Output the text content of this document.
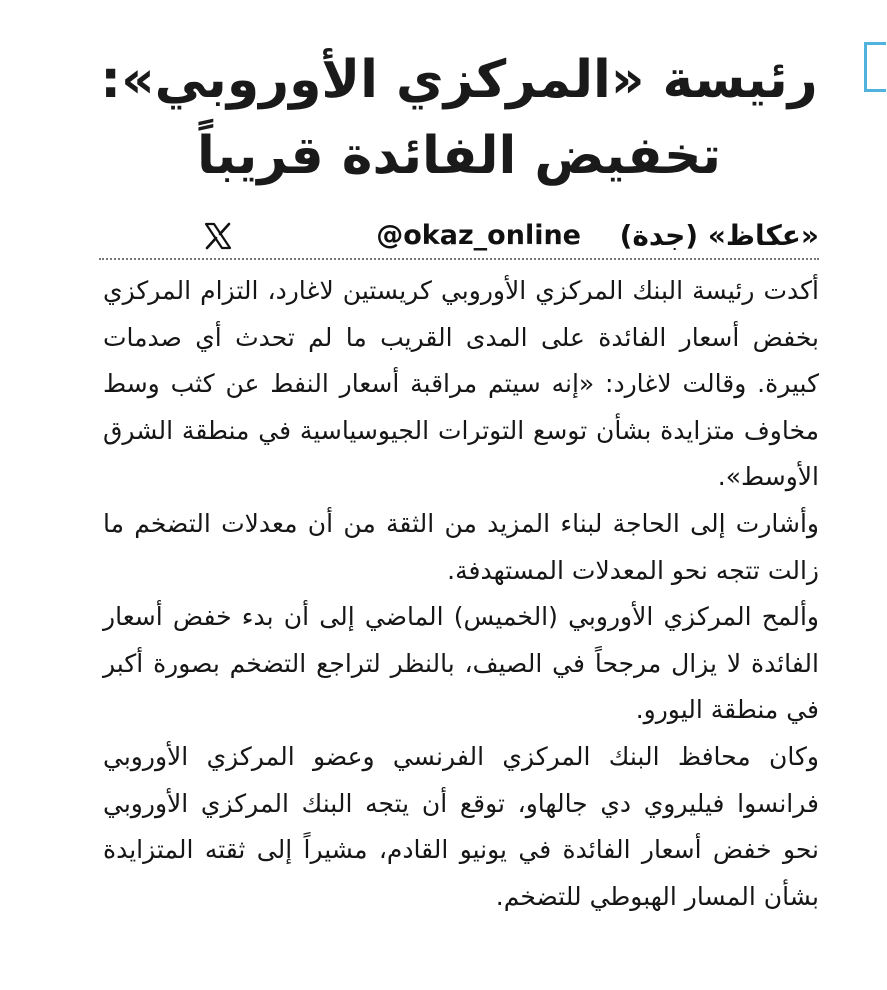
رئيسة «المركزي الأوروبي»:
تخفيض الفائدة قريباً
«عكاظ» (جدة)
@okaz_online

أكدت رئيسة البنك المركزي الأوروبي كريستين لاغارد، التزام المركزي بخفض أسعار الفائدة على المدى القريب ما لم تحدث أي صدمات كبيرة. وقالت لاغارد: «إنه سيتم مراقبة أسعار النفط عن كثب وسط مخاوف متزايدة بشأن توسع التوترات الجيوسياسية في منطقة الشرق الأوسط».

وأشارت إلى الحاجة لبناء المزيد من الثقة من أن معدلات التضخم ما زالت تتجه نحو المعدلات المستهدفة.

وألمح المركزي الأوروبي (الخميس) الماضي إلى أن بدء خفض أسعار الفائدة لا يزال مرجحاً في الصيف، بالنظر لتراجع التضخم بصورة أكبر في منطقة اليورو.

وكان محافظ البنك المركزي الفرنسي وعضو المركزي الأوروبي فرانسوا فيليروي دي جالهاو، توقع أن يتجه البنك المركزي الأوروبي نحو خفض أسعار الفائدة في يونيو القادم، مشيراً إلى ثقته المتزايدة بشأن المسار الهبوطي للتضخم.
